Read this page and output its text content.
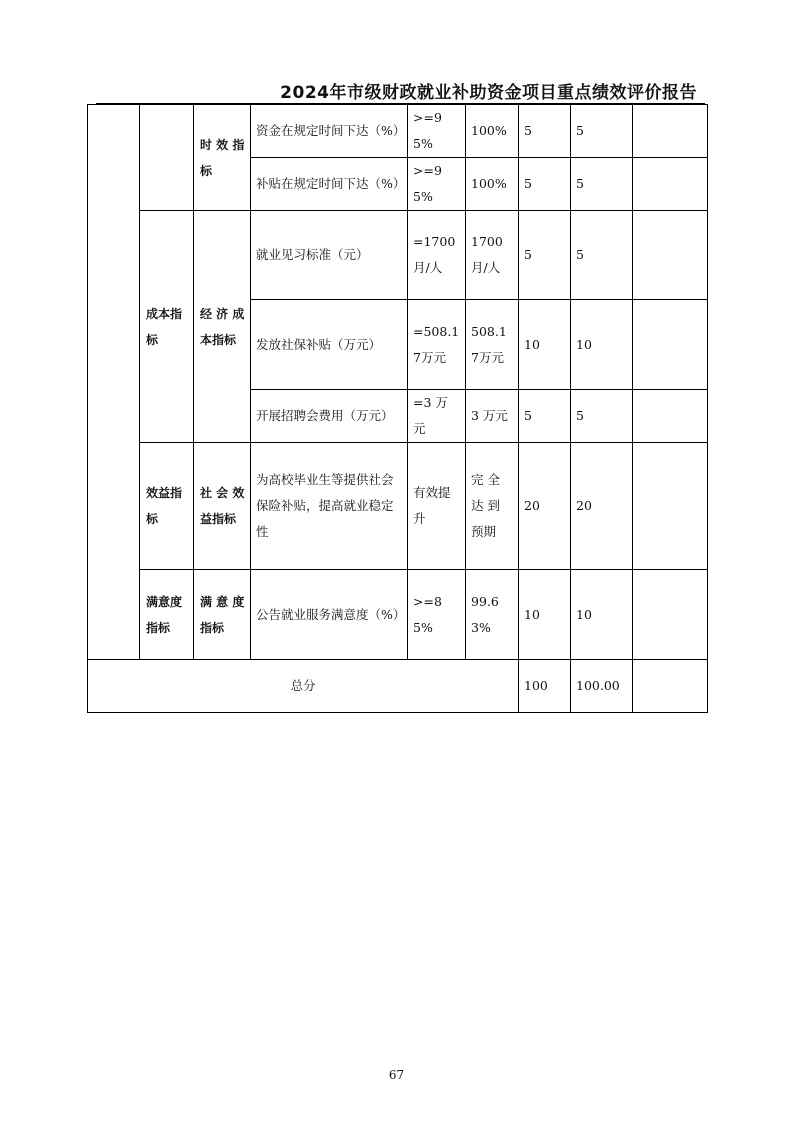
2024年市级财政就业补助资金项目重点绩效评价报告
		时 效 指 标	资金在规定时间下达（%）	>=95%	100%	5	5	
			补贴在规定时间下达（%）	>=95%	100%	5	5	
	成本指 标	经 济 成 本指标	就业见习标准（元）	=1700 月/人	1700 月/人	5	5	
			发放社保补贴（万元）	=508.17万元	508.17万元	10	10	
			开展招聘会费用（万元）	=3 万元	3 万元	5	5	
	效益指 标	社 会 效 益指标	为高校毕业生等提供社会保险补贴，提高就业稳定性	有效提 升	完 全 达 到 预期	20	20	
	满意度 指标	满 意 度 指标	公告就业服务满意度（%）	>=85%	99.63%	10	10	
总分						100	100.00	
67
